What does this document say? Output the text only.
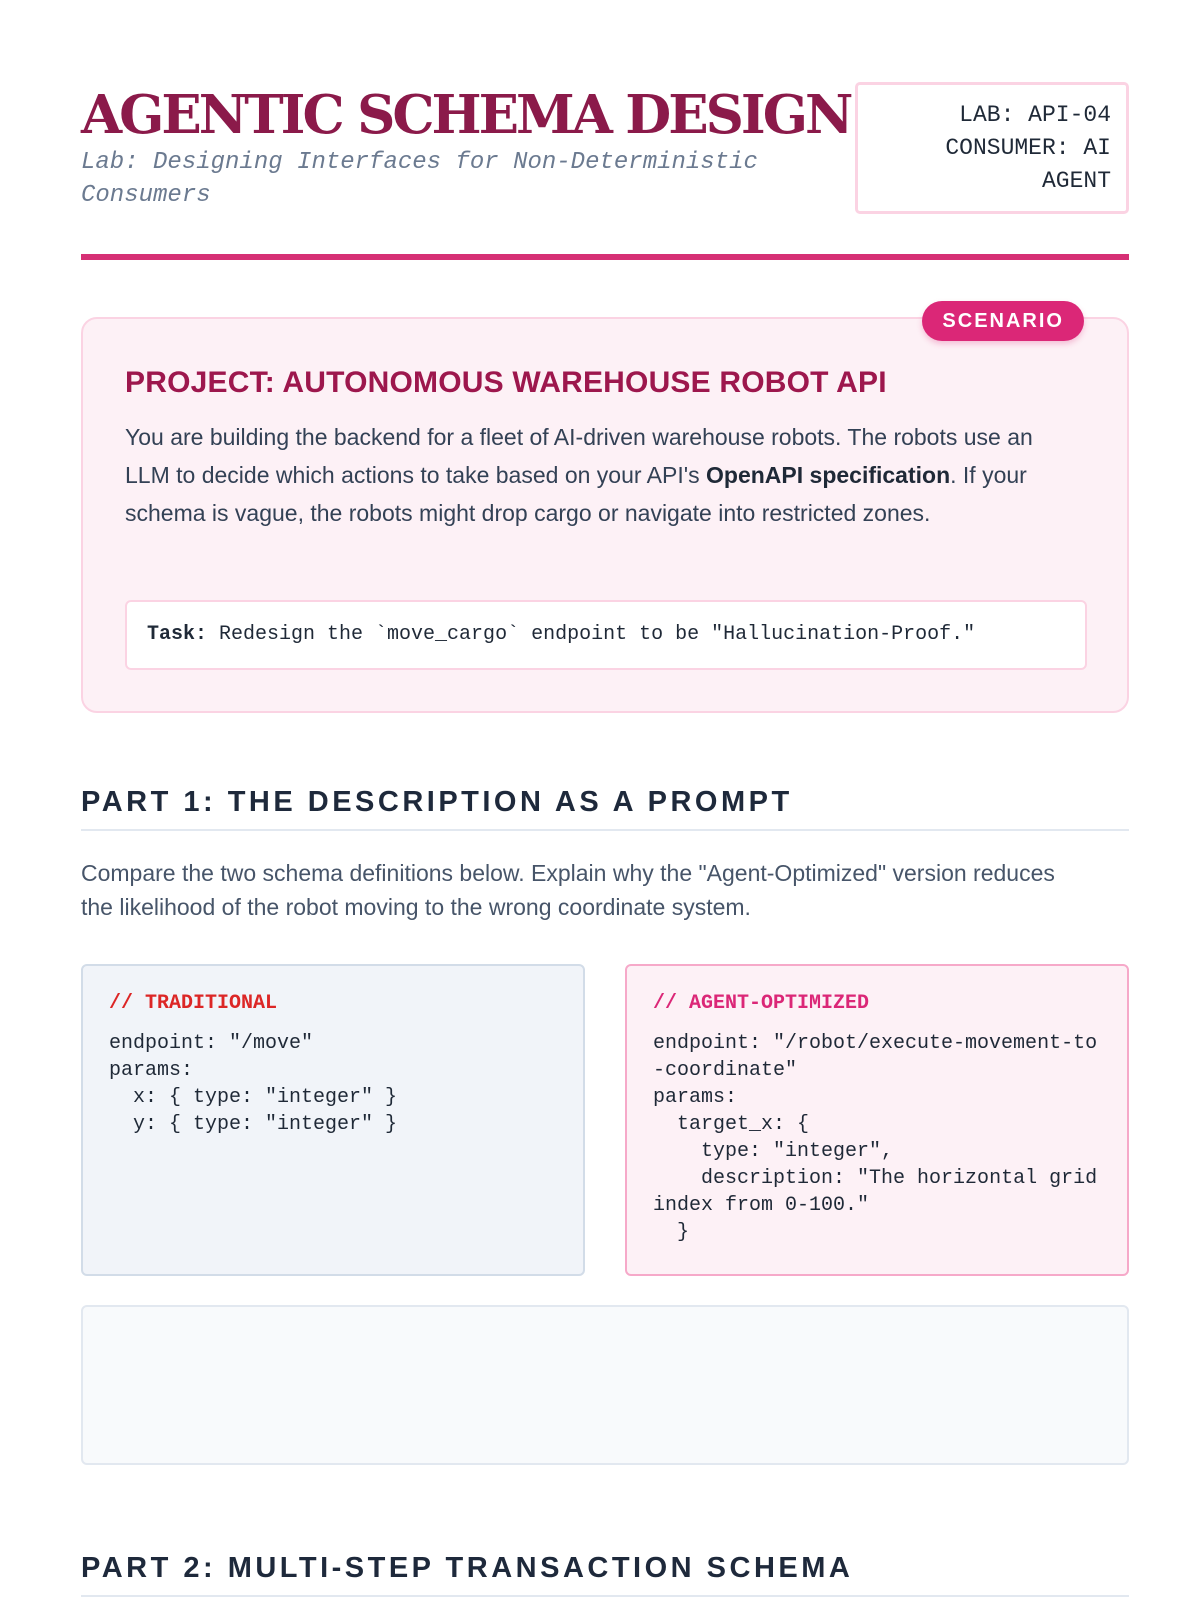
AGENTIC SCHEMA DESIGN

Lab: Designing Interfaces for Non-Deterministic Consumers

LAB: API-04
CONSUMER: AI AGENT
SCENARIO
PROJECT: AUTONOMOUS WAREHOUSE ROBOT API

You are building the backend for a fleet of AI-driven warehouse robots. The robots use an LLM to decide which actions to take based on your API's OpenAPI specification. If your schema is vague, the robots might drop cargo or navigate into restricted zones.

Task: Redesign the `move_cargo` endpoint to be "Hallucination-Proof."
PART 1: THE DESCRIPTION AS A PROMPT

Compare the two schema definitions below. Explain why the "Agent-Optimized" version reduces the likelihood of the robot moving to the wrong coordinate system.

// TRADITIONAL
endpoint: "/move"
params:
x: { type: "integer" }
y: { type: "integer" }
// AGENT-OPTIMIZED
endpoint: "/robot/execute-movement-to-coordinate"
params:
target_x: {
type: "integer",
description: "The horizontal grid index from 0-100."
}
PART 2: MULTI-STEP TRANSACTION SCHEMA
